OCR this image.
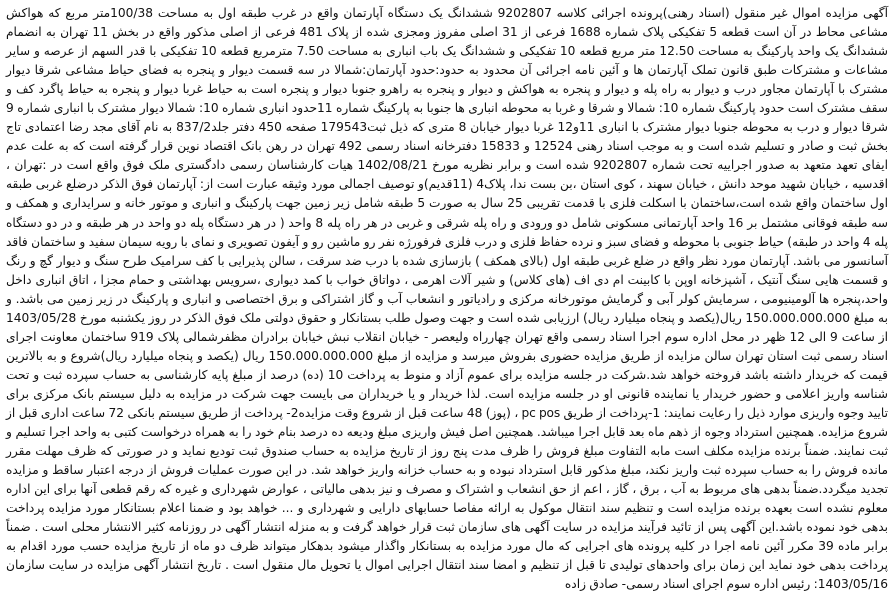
آگهی مزایده اموال غیر منقول (اسناد رهنی)پرونده اجرائی کلاسه 9202807 ششدانگ یک دستگاه آپارتمان واقع در غرب طبقه اول به مساحت 100/38متر مربع که هواکش مشاعی محاط در آن است قطعه 5 تفکیکی پلاک شماره 1688 فرعی از 31 اصلی مفروز ومجزی شده از پلاک 481 فرعی از اصلی مذکور واقع در بخش 11 تهران به انضمام ششدانگ یک واحد پارکینگ به مساحت 12.50 متر مربع قطعه 10 تفکیکی و ششدانگ یک باب انباری به مساحت 7.50 مترمربع قطعه 10 تفکیکی با قدر السهم از عرصه و سایر مشاعات و مشترکات طبق قانون تملک آپارتمان ها و آئین نامه اجرائی آن محدود به حدود:حدود آپارتمان:شمالا در سه قسمت دیوار و پنجره به فضای حیاط مشاعی شرقا دیوار مشترک با آپارتمان مجاور درب و دیوار به راه پله و دیوار و پنجره به هواکش و دیوار و پنجره به راهرو جنوبا دیوار و پنجره است به حیاط غربا دیوار و پنجره به حیاط پاگرد کف و سقف مشترک است حدود پارکینگ شماره 10: شمالا و شرقا و غربا به محوطه انباری ها جنوبا به پارکینگ شماره 11حدود انباری شماره 10: شمالا دیوار مشترک با انباری شماره 9 شرقا دیوار و درب به محوطه جنوبا دیوار مشترک با انباری 11و12 غربا دیوار خیابان 8 متری که ذیل ثبت179543 صفحه 450 دفتر جلد837/2 به نام آقای مجد رضا اعتمادی تاج بخش ثبت و صادر و تسلیم شده است و به موجب اسناد رهنی 12524 و 15833 دفترخانه اسناد رسمی 492 تهران در رهن بانک اقتصاد نوین قرار گرفته است که به علت عدم ایفای تعهد متعهد به صدور اجراییه تحت شماره 9202807 شده است و برابر نظریه مورخ 1402/08/21 هیات کارشناسان رسمی دادگستری ملک فوق واقع است در :تهران ، اقدسیه ، خیابان شهید موحد دانش ، خیابان سهند ، کوی استان ،بن بست ندا، پلاک4 (11قدیم)و توصیف اجمالی مورد وثیقه عبارت است از: آپارتمان فوق الذکر درضلع غربی طبقه اول ساختمان واقع شده است،ساختمان با اسکلت فلزی با قدمت تقریبی 25 سال به صورت 5 طبقه شامل زیر زمین جهت پارکینگ و انباری و موتور خانه و سرایداری و همکف و سه طبقه فوقانی مشتمل بر 16 واحد آپارتمانی مسکونی شامل دو ورودی و راه پله شرقی و غربی در هر راه پله 8 واحد ( در هر دستگاه پله دو واحد در هر طبقه و در دو دستگاه پله 4 واحد در طبقه) حیاط جنوبی با محوطه و فضای سبز و نرده حفاظ فلزی و درب فلزی فرفورژه نفر رو ماشین رو و آیفون تصویری و نمای با رویه سیمان سفید و ساختمان فاقد آسانسور می باشد. آپارتمان مورد نظر واقع در ضلع غربی طبقه اول (بالای همکف ) بازسازی شده با درب ضد سرقت ، سالن پذیرایی با کف سرامیک طرح سنگ و دیوار گچ و رنگ و قسمت هایی سنگ آنتیک ، آشپزخانه اوپن با کابینت ام دی اف (های کلاس) و شیر آلات اهرمی ، دواتاق خواب با کمد دیواری ،سرویس بهداشتی و حمام مجزا ، اتاق انباری داخل واحد،پنجره ها آلومینیومی ، سرمایش کولر آبی و گرمایش موتورخانه مرکزی و رادیاتور و انشعاب آب و گاز اشتراکی و برق اختصاصی و انباری و پارکینگ در زیر زمین می باشد. و به مبلغ 150.000.000.000 ریال(یکصد و پنجاه میلیارد ریال) ارزیابی شده است و جهت وصول طلب بستانکار و حقوق دولتی ملک فوق الذکر در روز یکشنبه مورخ 1403/05/28 از ساعت 9 الی 12 ظهر در محل اداره سوم اجرا اسناد رسمی واقع تهران چهارراه ولیعصر - خیابان انقلاب نبش خیابان برادران مظفرشمالی پلاک 919 ساختمان معاونت اجرای اسناد رسمی ثبت استان تهران سالن مزایده از طریق مزایده حضوری بفروش میرسد و مزایده از مبلغ 150.000.000.000 ریال (یکصد و پنجاه میلیارد ریال)شروع و به بالاترین قیمت که خریدار داشته باشد فروخته خواهد شد.شرکت در جلسه مزایده برای عموم آزاد و منوط به پرداخت 10 (ده) درصد از مبلغ پایه کارشناسی به حساب سپرده ثبت و تحت شناسه واریز اعلامی و حضور خریدار یا نماینده قانونی او در جلسه مزایده است. لذا خریدار و یا خریداران می بایست جهت شرکت در مزایده به دلیل سیستم بانک مرکزی برای تایید وجوه واریزی موارد ذیل را رعایت نمایند: 1-پرداخت از طریق pc pos ، (پوز) 48 ساعت قبل از شروع وقت مزایده2- پرداخت از طریق سیستم بانکی 72 ساعت اداری قبل از شروع مزایده. همچنین استرداد وجوه از ذهم ماه بعد قابل اجرا میباشد. همچنین اصل فیش واریزی مبلغ ودیعه ده درصد بنام خود را به همراه درخواست کتبی به واحد اجرا تسلیم و ثبت نمایند. ضمناً برنده مزایده مکلف است مابه التفاوت مبلغ فروش را ظرف مدت پنج روز از تاریخ مزایده به حساب صندوق ثبت تودیع نماید و در صورتی که ظرف مهلت مقرر مانده فروش را به حساب سپرده ثبت واریز نکند، مبلغ مذکور قابل استرداد نبوده و به حساب خزانه واریز خواهد شد. در این صورت عملیات فروش از درجه اعتبار ساقط و مزایده تجدید میگردد.ضمناً بدهی های مربوط به آب ، برق ، گاز ، اعم از حق انشعاب و اشتراک و مصرف و نیز بدهی مالیاتی ، عوارض شهرداری و غیره که رقم قطعی آنها برای این اداره معلوم نشده است بعهده برنده مزایده است و تنظیم سند انتقال موکول به ارائه مفاصا حسابهای دارایی و شهرداری و ... خواهد بود و ضمنا اعلام بستانکار مورد مزایده پرداخت بدهی خود نموده باشد.این آگهی پس از تائید فرآیند مزایده در سایت آگهی های سازمان ثبت قرار خواهد گرفت و به منزله انتشار آگهی در روزنامه کثیر الانتشار محلی است . ضمناً برابر ماده 39 مکرر آئین نامه اجرا در کلیه پرونده های اجرایی که مال مورد مزایده به بستانکار واگذار میشود بدهکار میتواند ظرف دو ماه از تاریخ مزایده حسب مورد اقدام به پرداخت بدهی خود نماید این زمان برای واحدهای تولیدی تا قبل از تنظیم و امضا سند انتقال اجرایی اموال یا تحویل مال منقول است . تاریخ انتشار آگهی مزایده در سایت سازمان 1403/05/16: رئیس اداره سوم اجرای اسناد رسمی- صادق زاده
